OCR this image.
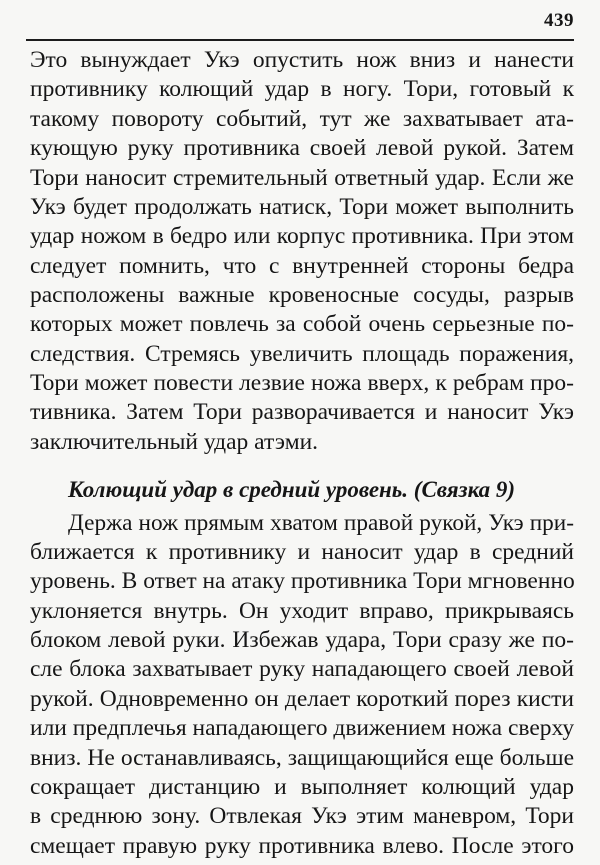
439
Это вынуждает Укэ опустить нож вниз и нанести
противнику колющий удар в ногу. Тори, готовый к
такому повороту событий, тут же захватывает ата-
кующую руку противника своей левой рукой. Затем
Тори наносит стремительный ответный удар. Если же
Укэ будет продолжать натиск, Тори может выполнить
удар ножом в бедро или корпус противника. При этом
следует помнить, что с внутренней стороны бедра
расположены важные кровеносные сосуды, разрыв
которых может повлечь за собой очень серьезные по-
следствия. Стремясь увеличить площадь поражения,
Тори может повести лезвие ножа вверх, к ребрам про-
тивника. Затем Тори разворачивается и наносит Укэ
заключительный удар атэми.
Колющий удар в средний уровень. (Связка 9)
Держа нож прямым хватом правой рукой, Укэ при-
ближается к противнику и наносит удар в средний
уровень. В ответ на атаку противника Тори мгновенно
уклоняется внутрь. Он уходит вправо, прикрываясь
блоком левой руки. Избежав удара, Тори сразу же по-
сле блока захватывает руку нападающего своей левой
рукой. Одновременно он делает короткий порез кисти
или предплечья нападающего движением ножа сверху
вниз. Не останавливаясь, защищающийся еще больше
сокращает дистанцию и выполняет колющий удар
в среднюю зону. Отвлекая Укэ этим маневром, Тори
смещает правую руку противника влево. После этого
